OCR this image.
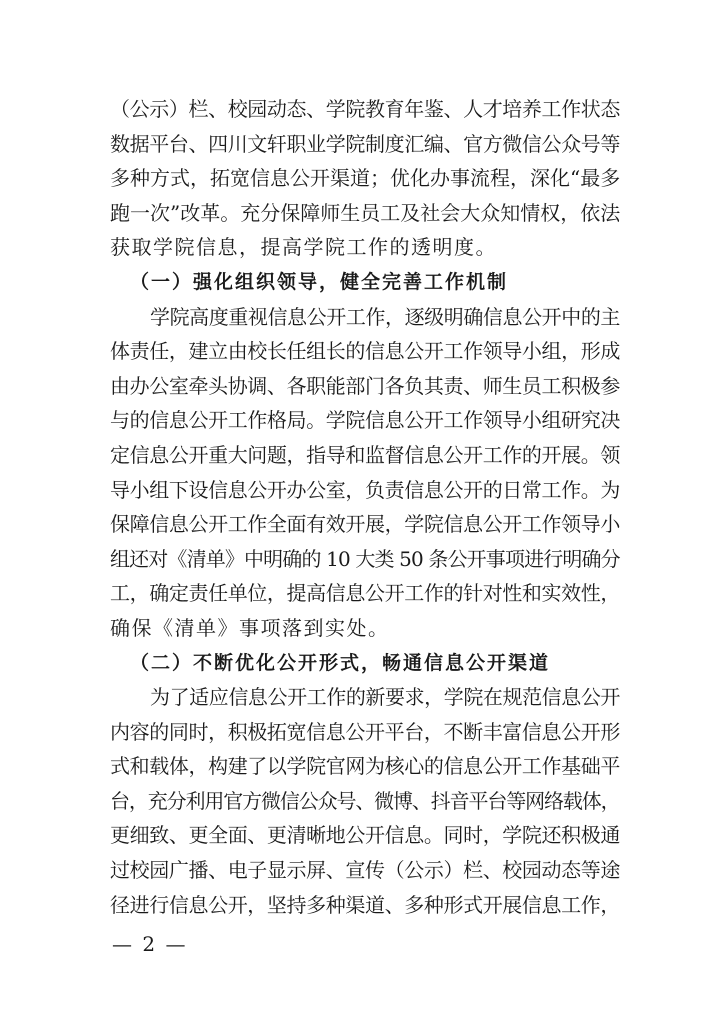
（公示）栏、校园动态、学院教育年鉴、人才培养工作状态
数据平台、四川文轩职业学院制度汇编、官方微信公众号等
多种方式，拓宽信息公开渠道；优化办事流程，深化“最多
跑一次”改革。充分保障师生员工及社会大众知情权，依法
获取学院信息，提高学院工作的透明度。
（一）强化组织领导，健全完善工作机制
学院高度重视信息公开工作，逐级明确信息公开中的主
体责任，建立由校长任组长的信息公开工作领导小组，形成
由办公室牵头协调、各职能部门各负其责、师生员工积极参
与的信息公开工作格局。学院信息公开工作领导小组研究决
定信息公开重大问题，指导和监督信息公开工作的开展。领
导小组下设信息公开办公室，负责信息公开的日常工作。为
保障信息公开工作全面有效开展，学院信息公开工作领导小
组还对《清单》中明确的 10 大类 50 条公开事项进行明确分
工，确定责任单位，提高信息公开工作的针对性和实效性，
确保《清单》事项落到实处。
（二）不断优化公开形式，畅通信息公开渠道
为了适应信息公开工作的新要求，学院在规范信息公开
内容的同时，积极拓宽信息公开平台，不断丰富信息公开形
式和载体，构建了以学院官网为核心的信息公开工作基础平
台，充分利用官方微信公众号、微博、抖音平台等网络载体，
更细致、更全面、更清晰地公开信息。同时，学院还积极通
过校园广播、电子显示屏、宣传（公示）栏、校园动态等途
径进行信息公开，坚持多种渠道、多种形式开展信息工作，
— 2 —
